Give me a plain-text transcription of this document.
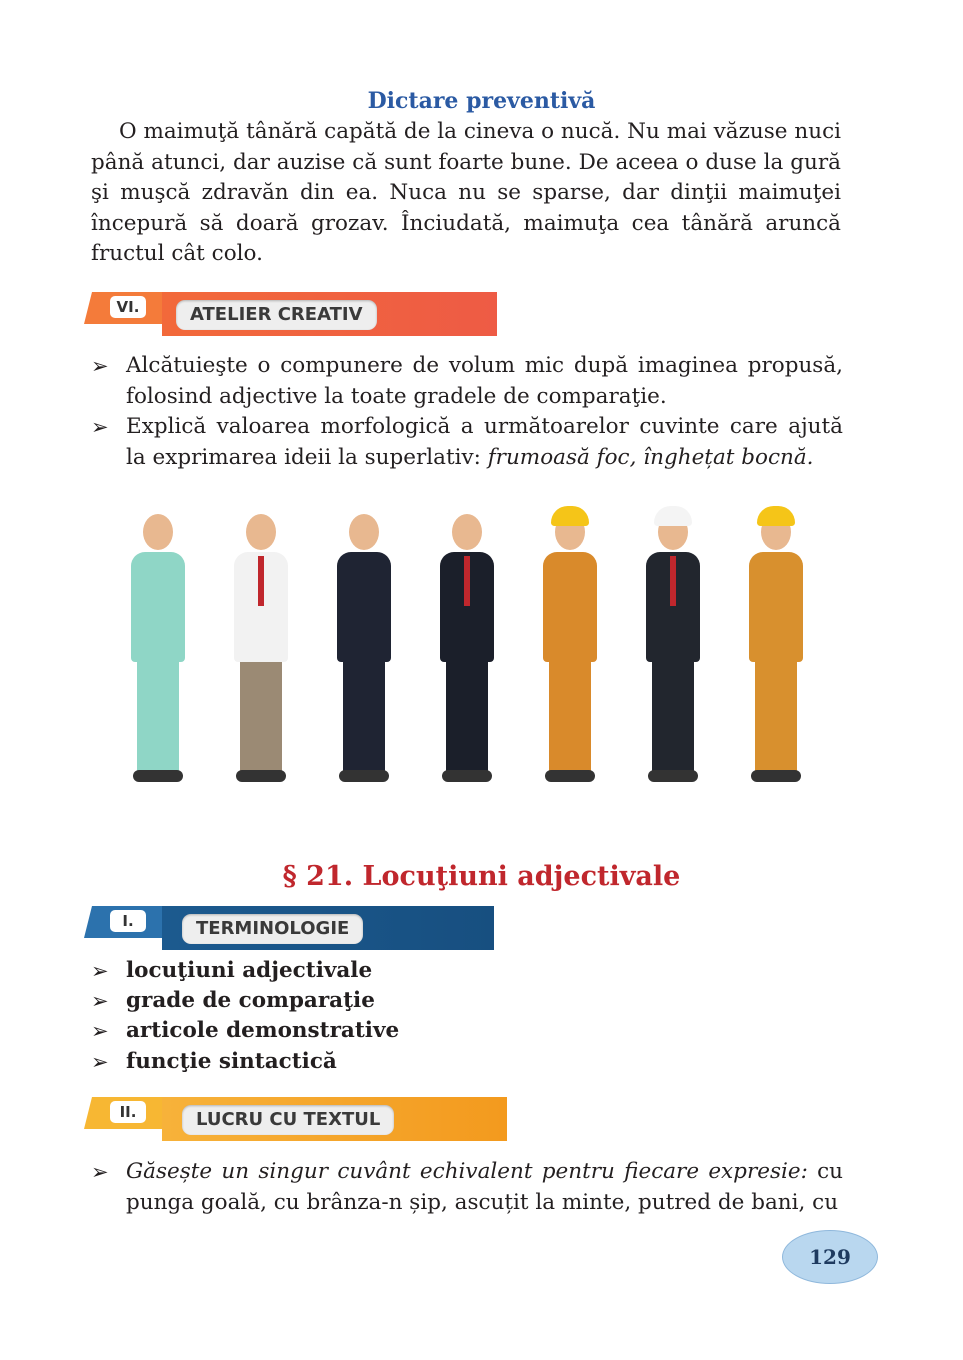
Dictare preventivă
O maimuţă tânără capătă de la cineva o nucă. Nu mai văzuse nuci până atunci, dar auzise că sunt foarte bune. De aceea o duse la gură şi muşcă zdravăn din ea. Nuca nu se sparse, dar dinţii maimuţei începură să doară grozav. Înciudată, maimuţa cea tânără aruncă fructul cât colo.
VI.	ATELIER CREATIV
➢ Alcătuieşte o compunere de volum mic după imaginea propusă, folosind adjective la toate gradele de comparaţie.
➢ Explică valoarea morfologică a următoarelor cuvinte care ajută la exprimarea ideii la superlativ: frumoasă foc, înghețat bocnă.
§ 21. Locuţiuni adjectivale
I.	TERMINOLOGIE
➢ locuţiuni adjectivale
➢ grade de comparaţie
➢ articole demonstrative
➢ funcţie sintactică
II.	LUCRU CU TEXTUL
➢ Găsește un singur cuvânt echivalent pentru fiecare expresie: cu punga goală, cu brânza-n șip, ascuțit la minte, putred de bani, cu
129
